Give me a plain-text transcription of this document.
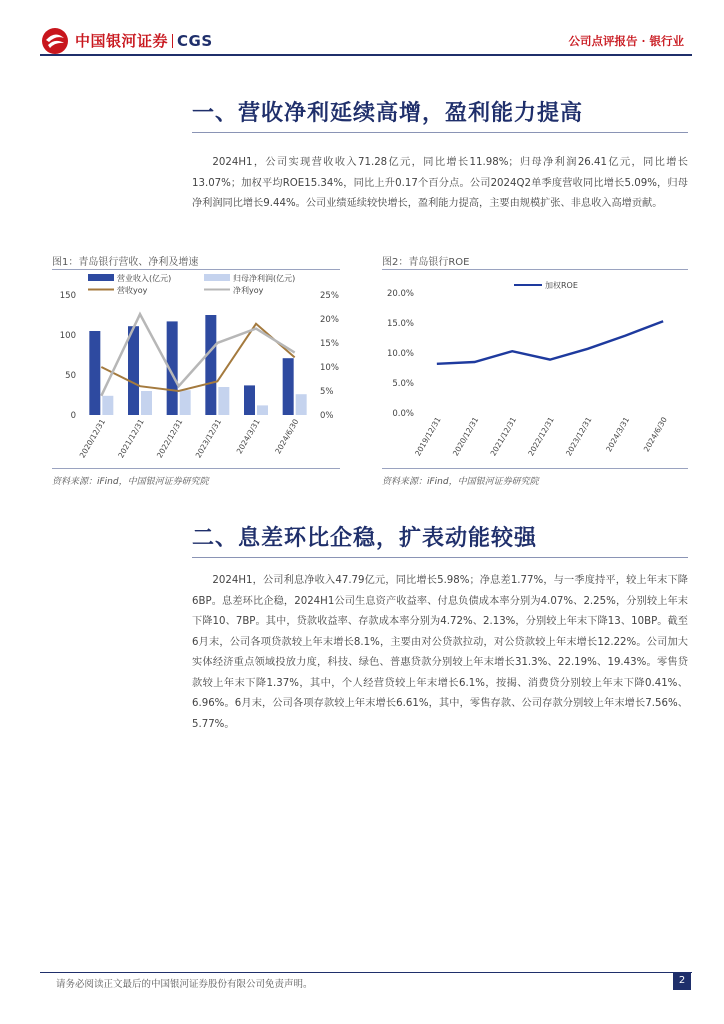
中国银河证券 CGS	公司点评报告 · 银行业
一、营收净利延续高增，盈利能力提高
2024H1，公司实现营收收入71.28亿元，同比增长11.98%；归母净利润26.41亿元，同比增长13.07%；加权平均ROE15.34%，同比上升0.17个百分点。公司2024Q2单季度营收同比增长5.09%，归母净利润同比增长9.44%。公司业绩延续较快增长，盈利能力提高，主要由规模扩张、非息收入高增贡献。
图1：青岛银行营收、净利及增速
150
100
50
0
25%
20%
15%
10%
5%
0%
2020/12/31 2021/12/31 2022/12/31 2023/12/31 2024/3/31 2024/6/30
营业收入(亿元)	归母净利润(亿元)
营收yoy	净利yoy
资料来源：iFind，中国银河证券研究院
图2：青岛银行ROE
20.0%
15.0%
10.0%
5.0%
0.0%
2019/12/31 2020/12/31 2021/12/31 2022/12/31 2023/12/31 2024/3/31 2024/6/30
加权ROE
资料来源：iFind，中国银河证券研究院
二、息差环比企稳，扩表动能较强
2024H1，公司利息净收入47.79亿元，同比增长5.98%；净息差1.77%，与一季度持平，较上年末下降6BP。息差环比企稳，2024H1公司生息资产收益率、付息负债成本率分别为4.07%、2.25%，分别较上年末下降10、7BP。其中，贷款收益率、存款成本率分别为4.72%、2.13%，分别较上年末下降13、10BP。截至6月末，公司各项贷款较上年末增长8.1%，主要由对公贷款拉动，对公贷款较上年末增长12.22%。公司加大实体经济重点领域投放力度，科技、绿色、普惠贷款分别较上年末增长31.3%、22.19%、19.43%。零售贷款较上年末下降1.37%，其中，个人经营贷较上年末增长6.1%，按揭、消费贷分别较上年末下降0.41%、6.96%。6月末，公司各项存款较上年末增长6.61%，其中，零售存款、公司存款分别较上年末增长7.56%、5.77%。
请务必阅读正文最后的中国银河证券股份有限公司免责声明。	2
